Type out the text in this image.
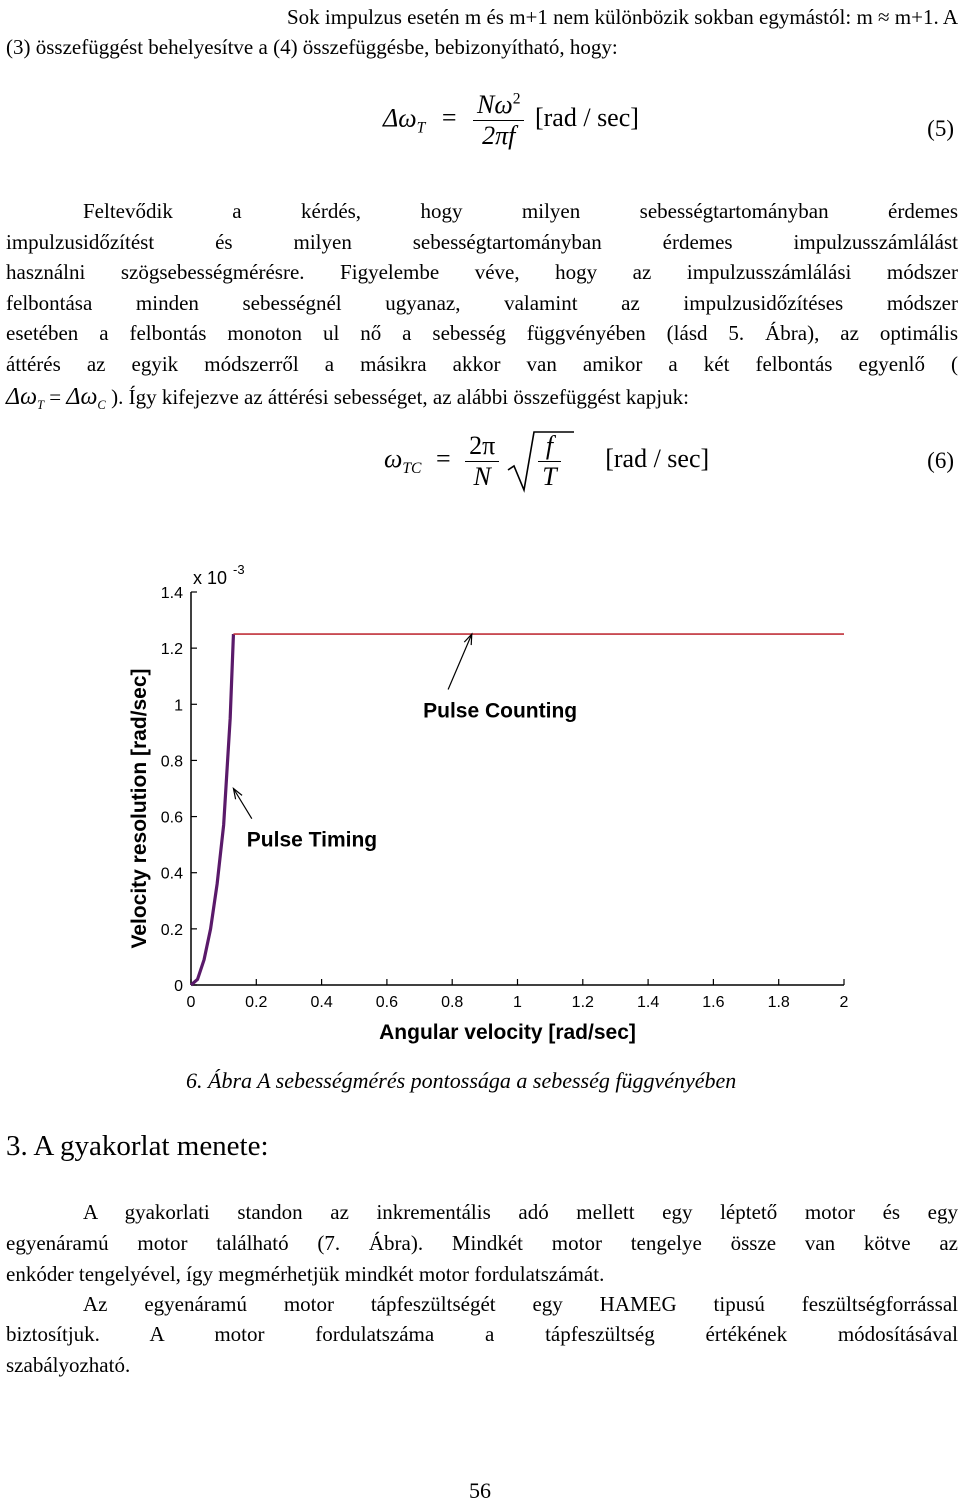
Sok impulzus esetén m és m+1 nem különbözik sokban egymástól: m ≈ m+1. A
(3) összefüggést behelyesítve a (4) összefüggésbe, bebizonyítható, hogy:
$\Delta\omega_T = \frac{N\omega^2}{2\pi f} [rad / \sec]$	(5)
Feltevődik a kérdés, hogy milyen sebességtartományban érdemes
impulzusidőzítést és milyen sebességtartományban érdemes impulzusszámlálást
használni szögsebességmérésre. Figyelembe véve, hogy az impulzusszámlálási módszer
felbontása minden sebességnél ugyanaz, valamint az impulzusidőzítéses módszer
esetében a felbontás monoton ul nő a sebesség függvényében (lásd 5. Ábra), az optimális
áttérés az egyik módszerről a másikra akkor van amikor a két felbontás egyenlő (
$\Delta\omega_T = \Delta\omega_C$ ). Így kifejezve az áttérési sebességet, az alábbi összefüggést kapjuk:
$\omega_{TC} = \frac{2\pi}{N}$
$\frac{f}{T} [rad / \sec]$	(6)
0	0.2	0.4	0.6	0.8	1	1.2	1.4	1.6	1.8	2
0
0.2
0.4
0.6
0.8
1
1.2
1.4
x 10 -3
Angular velocity [rad/sec]
Velocity resolution [rad/sec]	Pulse Counting
Pulse Timing
6. Ábra A sebességmérés pontossága a sebesség függvényében
3. A gyakorlat menete:
A gyakorlati standon az inkrementális adó mellett egy léptető motor és egy
egyenáramú motor található (7. Ábra). Mindkét motor tengelye össze van kötve az
enkóder tengelyével, így megmérhetjük mindkét motor fordulatszámát.
Az egyenáramú motor tápfeszültségét egy HAMEG tipusú feszültségforrással
biztosítjuk. A motor fordulatszáma a tápfeszültség értékének módosításával
szabályozható.
56
